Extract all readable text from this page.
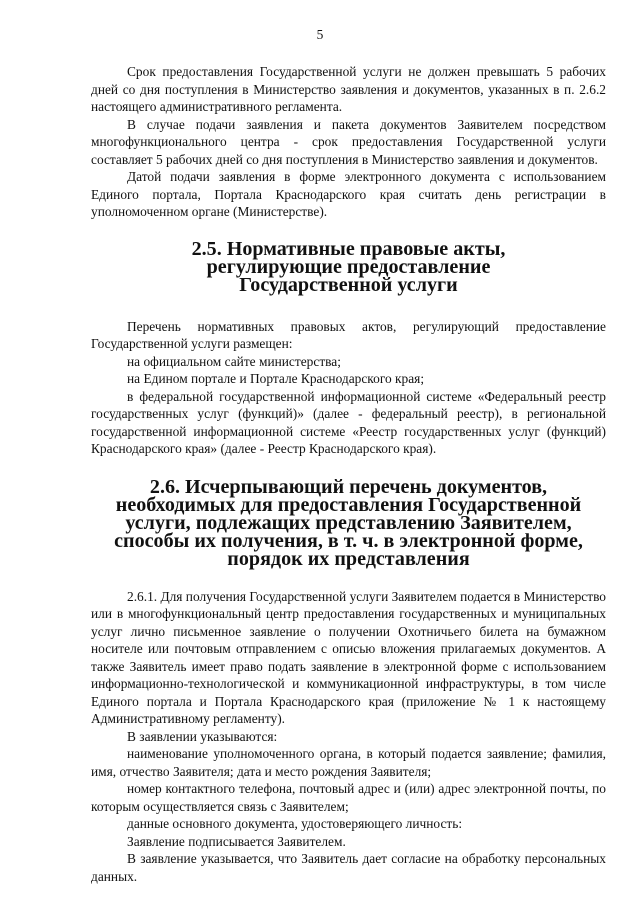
5

Срок предоставления Государственной услуги не должен превышать 5 рабочих дней со дня поступления в Министерство заявления и документов, указанных в п. 2.6.2 настоящего административного регламента.

В случае подачи заявления и пакета документов Заявителем посредством многофункционального центра - срок предоставления Государственной услуги составляет 5 рабочих дней со дня поступления в Министерство заявления и документов.

Датой подачи заявления в форме электронного документа с использованием Единого портала, Портала Краснодарского края считать день регистрации в уполномоченном органе (Министерстве).

2.5. Нормативные правовые акты, регулирующие предоставление Государственной услуги

Перечень нормативных правовых актов, регулирующий предоставление Государственной услуги размещен:

на официальном сайте министерства;

на Едином портале и Портале Краснодарского края;

в федеральной государственной информационной системе «Федеральный реестр государственных услуг (функций)» (далее - федеральный реестр), в региональной государственной информационной системе «Реестр государственных услуг (функций) Краснодарского края» (далее - Реестр Краснодарского края).

2.6. Исчерпывающий перечень документов, необходимых для предоставления Государственной услуги, подлежащих представлению Заявителем, способы их получения, в т. ч. в электронной форме, порядок их представления

2.6.1. Для получения Государственной услуги Заявителем подается в Министерство или в многофункциональный центр предоставления государственных и муниципальных услуг лично письменное заявление о получении Охотничьего билета на бумажном носителе или почтовым отправлением с описью вложения прилагаемых документов. А также Заявитель имеет право подать заявление в электронной форме с использованием информационно-технологической и коммуникационной инфраструктуры, в том числе Единого портала и Портала Краснодарского края (приложение № 1 к настоящему Административному регламенту).

В заявлении указываются:

наименование уполномоченного органа, в который подается заявление; фамилия, имя, отчество Заявителя; дата и место рождения Заявителя;

номер контактного телефона, почтовый адрес и (или) адрес электронной почты, по которым осуществляется связь с Заявителем;

данные основного документа, удостоверяющего личность:

Заявление подписывается Заявителем.

В заявление указывается, что Заявитель дает согласие на обработку персональных данных.
